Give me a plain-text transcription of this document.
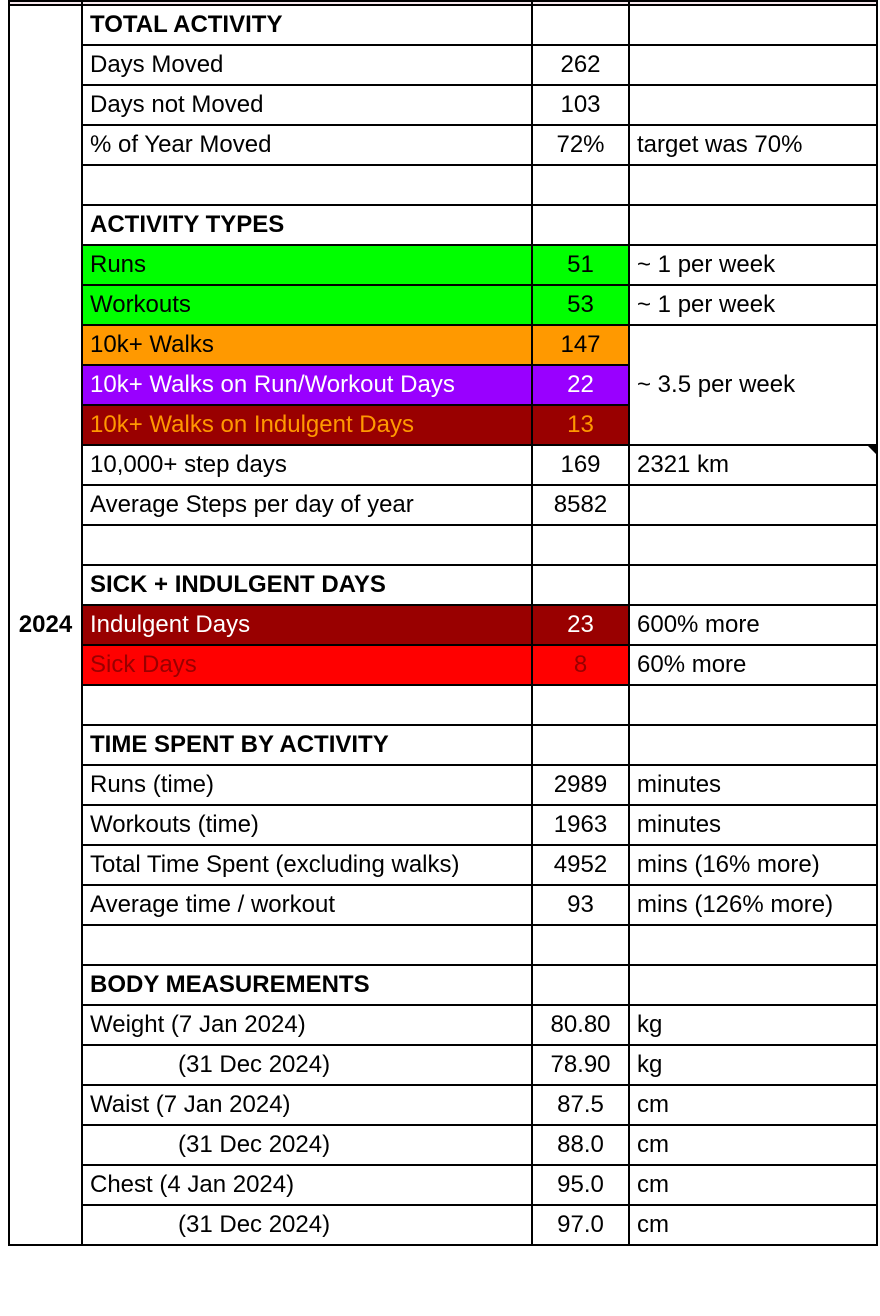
2024	TOTAL ACTIVITY		
	Days Moved	262	
	Days not Moved	103	
	% of Year Moved	72%	target was 70%

	ACTIVITY TYPES		
	Runs	51	~ 1 per week
	Workouts	53	~ 1 per week
	10k+ Walks	147	~ 3.5 per week
	10k+ Walks on Run/Workout Days	22	
	10k+ Walks on Indulgent Days	13	
	10,000+ step days	169	2321 km

	Average Steps per day of year	8582	

	SICK + INDULGENT DAYS		
	Indulgent Days	23	600% more
	Sick Days	8	60% more

	TIME SPENT BY ACTIVITY		
	Runs (time)	2989	minutes
	Workouts (time)	1963	minutes
	Total Time Spent (excluding walks)	4952	mins (16% more)
	Average time / workout	93	mins (126% more)

	BODY MEASUREMENTS		
	Weight (7 Jan 2024)	80.80	kg
	(31 Dec 2024)	78.90	kg
	Waist (7 Jan 2024)	87.5	cm
	(31 Dec 2024)	88.0	cm
	Chest (4 Jan 2024)	95.0	cm
	(31 Dec 2024)	97.0	cm
